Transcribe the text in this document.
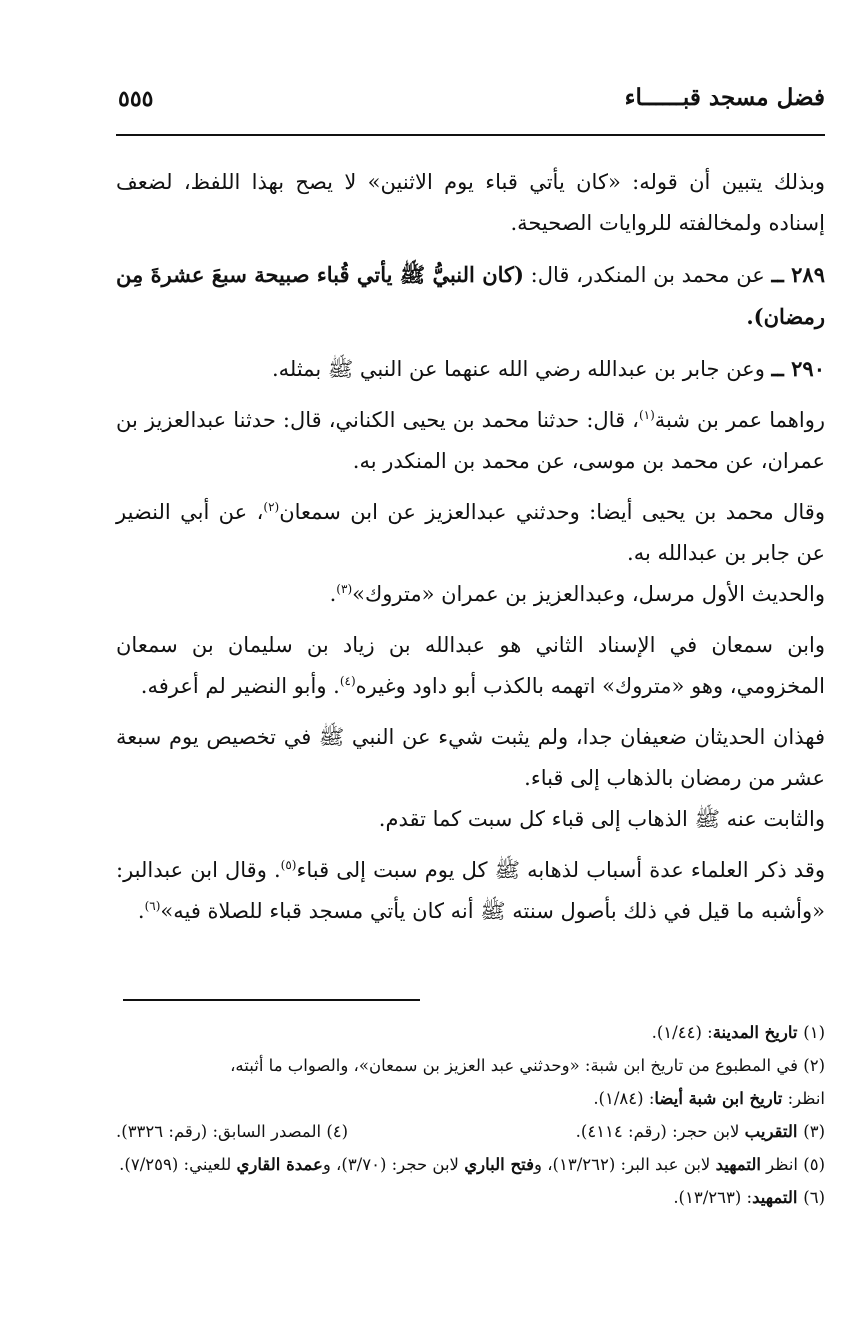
فضل مسجد قبــــــاء
٥٥٥

وبذلك يتبين أن قوله: «كان يأتي قباء يوم الاثنين» لا يصح بهذا اللفظ، لضعف إسناده ولمخالفته للروايات الصحيحة.

٢٨٩ ــ عن محمد بن المنكدر، قال: (كان النبيُّ ﷺ يأتي قُباء صبيحة سبعَ عشرةَ مِن رمضان).

٢٩٠ ــ وعن جابر بن عبدالله رضي الله عنهما عن النبي ﷺ بمثله.

رواهما عمر بن شبة$^{(١)}$، قال: حدثنا محمد بن يحيى الكناني، قال: حدثنا عبدالعزيز بن عمران، عن محمد بن موسى، عن محمد بن المنكدر به.

وقال محمد بن يحيى أيضا: وحدثني عبدالعزيز عن ابن سمعان$^{(٢)}$، عن أبي النضير عن جابر بن عبدالله به.

والحديث الأول مرسل، وعبدالعزيز بن عمران «متروك»$^{(٣)}$.

وابن سمعان في الإسناد الثاني هو عبدالله بن زياد بن سليمان بن سمعان المخزومي، وهو «متروك» اتهمه بالكذب أبو داود وغيره$^{(٤)}$. وأبو النضير لم أعرفه.

فهذان الحديثان ضعيفان جدا، ولم يثبت شيء عن النبي ﷺ في تخصيص يوم سبعة عشر من رمضان بالذهاب إلى قباء.

والثابت عنه ﷺ الذهاب إلى قباء كل سبت كما تقدم.

وقد ذكر العلماء عدة أسباب لذهابه ﷺ كل يوم سبت إلى قباء$^{(٥)}$. وقال ابن عبدالبر: «وأشبه ما قيل في ذلك بأصول سنته ﷺ أنه كان يأتي مسجد قباء للصلاة فيه»$^{(٦)}$.

(١) تاريخ المدينة: (١/٤٤).

(٢) في المطبوع من تاريخ ابن شبة: «وحدثني عبد العزيز بن سمعان»، والصواب ما أثبته،

انظر: تاريخ ابن شبة أيضا: (١/٨٤).

(٣) التقريب لابن حجر: (رقم: ٤١١٤).
(٤) المصدر السابق: (رقم: ٣٣٢٦).

(٥) انظر التمهيد لابن عبد البر: (١٣/٢٦٢)، وفتح الباري لابن حجر: (٣/٧٠)، وعمدة القاري للعيني: (٧/٢٥٩).

(٦) التمهيد: (١٣/٢٦٣).
